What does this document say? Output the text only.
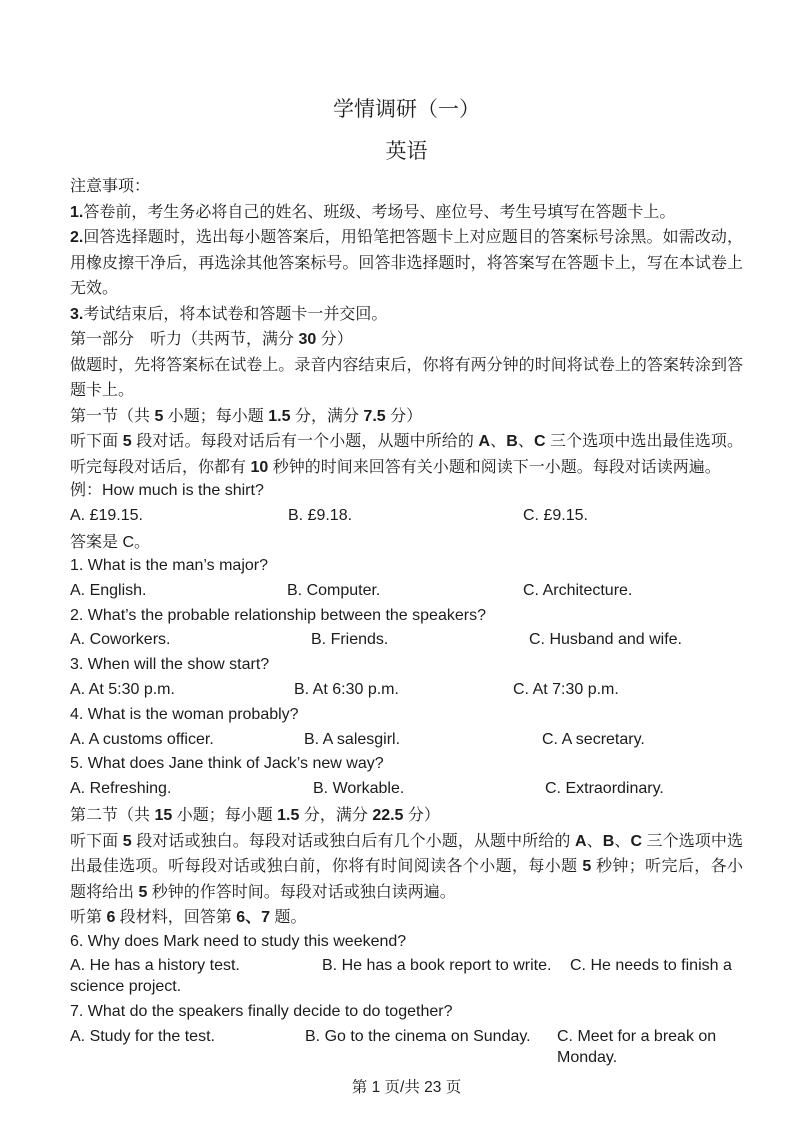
学情调研（一）
英语

注意事项：

1.答卷前，考生务必将自己的姓名、班级、考场号、座位号、考生号填写在答题卡上。

2.回答选择题时，选出每小题答案后，用铅笔把答题卡上对应题目的答案标号涂黑。如需改动，用橡皮擦干净后，再选涂其他答案标号。回答非选择题时，将答案写在答题卡上，写在本试卷上无效。

3.考试结束后，将本试卷和答题卡一并交回。

第一部分　听力（共两节，满分 30 分）

做题时，先将答案标在试卷上。录音内容结束后，你将有两分钟的时间将试卷上的答案转涂到答题卡上。

第一节（共 5 小题；每小题 1.5 分，满分 7.5 分）

听下面 5 段对话。每段对话后有一个小题，从题中所给的 A、B、C 三个选项中选出最佳选项。听完每段对话后，你都有 10 秒钟的时间来回答有关小题和阅读下一小题。每段对话读两遍。

例：How much is the shirt?

A. £19.15.	B. £9.18.	C. £9.15.

答案是 C。

1. What is the man’s major?

A. English.	B. Computer.	C. Architecture.

2. What’s the probable relationship between the speakers?

A. Coworkers.	B. Friends.	C. Husband and wife.

3. When will the show start?

A. At 5:30 p.m.	B. At 6:30 p.m.	C. At 7:30 p.m.

4. What is the woman probably?

A. A customs officer.	B. A salesgirl.	C. A secretary.

5. What does Jane think of Jack’s new way?

A. Refreshing.	B. Workable.	C. Extraordinary.

第二节（共 15 小题；每小题 1.5 分，满分 22.5 分）

听下面 5 段对话或独白。每段对话或独白后有几个小题，从题中所给的 A、B、C 三个选项中选出最佳选项。听每段对话或独白前，你将有时间阅读各个小题，每小题 5 秒钟；听完后，各小题将给出 5 秒钟的作答时间。每段对话或独白读两遍。

听第 6 段材料，回答第 6、7 题。

6. Why does Mark need to study this weekend?

A. He has a history test.	B. He has a book report to write. C. He needs to finish a science project.

7. What do the speakers finally decide to do together?

A. Study for the test.	B. Go to the cinema on Sunday.	C. Meet for a break on Monday.

第 1 页/共 23 页
